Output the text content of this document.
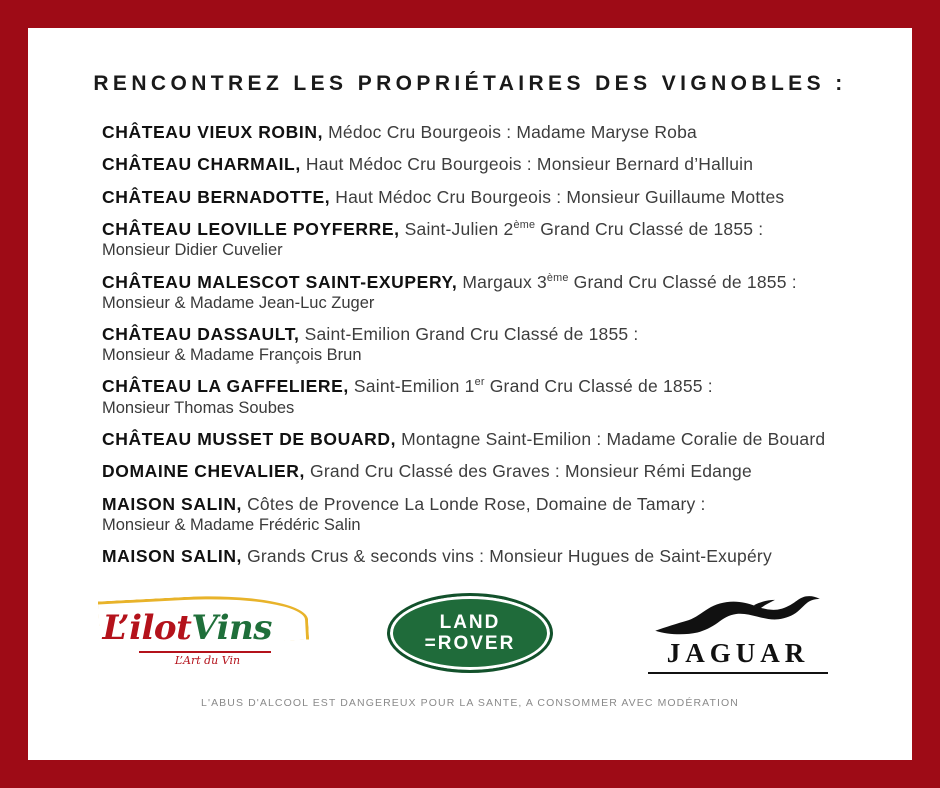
RENCONTREZ LES PROPRIÉTAIRES DES VIGNOBLES :
CHÂTEAU VIEUX ROBIN, Médoc Cru Bourgeois : Madame Maryse Roba
CHÂTEAU CHARMAIL, Haut Médoc Cru Bourgeois : Monsieur Bernard d’Halluin
CHÂTEAU BERNADOTTE, Haut Médoc Cru Bourgeois : Monsieur Guillaume Mottes
CHÂTEAU LEOVILLE POYFERRE, Saint-Julien 2ème Grand Cru Classé de 1855 :
Monsieur Didier Cuvelier
CHÂTEAU MALESCOT SAINT-EXUPERY, Margaux 3ème Grand Cru Classé de 1855 :
Monsieur & Madame Jean-Luc Zuger
CHÂTEAU DASSAULT, Saint-Emilion Grand Cru Classé de 1855 :
Monsieur & Madame François Brun
CHÂTEAU LA GAFFELIERE, Saint-Emilion 1er Grand Cru Classé de 1855 :
Monsieur Thomas Soubes
CHÂTEAU MUSSET DE BOUARD, Montagne Saint-Emilion : Madame Coralie de Bouard
DOMAINE CHEVALIER, Grand Cru Classé des Graves : Monsieur Rémi Edange
MAISON SALIN, Côtes de Provence La Londe Rose, Domaine de Tamary :
Monsieur & Madame Frédéric Salin
MAISON SALIN, Grands Crus & seconds vins : Monsieur Hugues de Saint-Exupéry
L’ilotVins
L’Art du Vin
LAND
=ROVER	JAGUAR
L'ABUS D'ALCOOL EST DANGEREUX POUR LA SANTE, A CONSOMMER AVEC MODÉRATION
